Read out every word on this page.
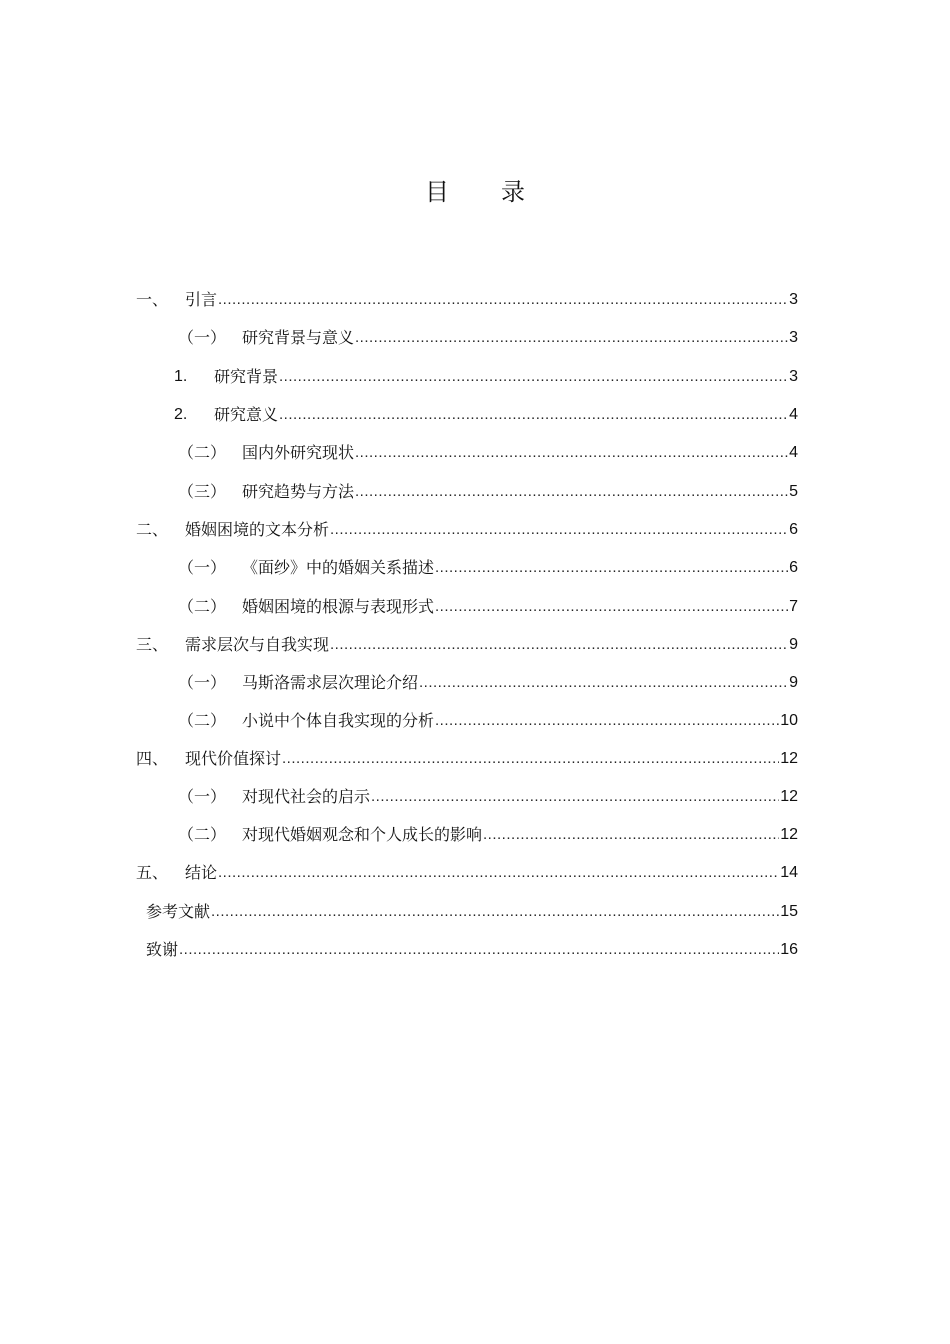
目 录
一、	引言 .....	3
（一） 研究背景与意义 .....	3
1.	研究背景 .....	3
2.	研究意义 .....	4
（二） 国内外研究现状 .....	4
（三） 研究趋势与方法 .....	5
二、	婚姻困境的文本分析 .....	6
（一） 《面纱》中的婚姻关系描述 .....	6
（二） 婚姻困境的根源与表现形式 .....	7
三、	需求层次与自我实现 .....	9
（一） 马斯洛需求层次理论介绍 .....	9
（二） 小说中个体自我实现的分析 .....	10
四、	现代价值探讨 .....	12
（一） 对现代社会的启示 .....	12
（二） 对现代婚姻观念和个人成长的影响 .....	12
五、	结论 .....	14
参考文献 .....	15
致谢 .....	16
